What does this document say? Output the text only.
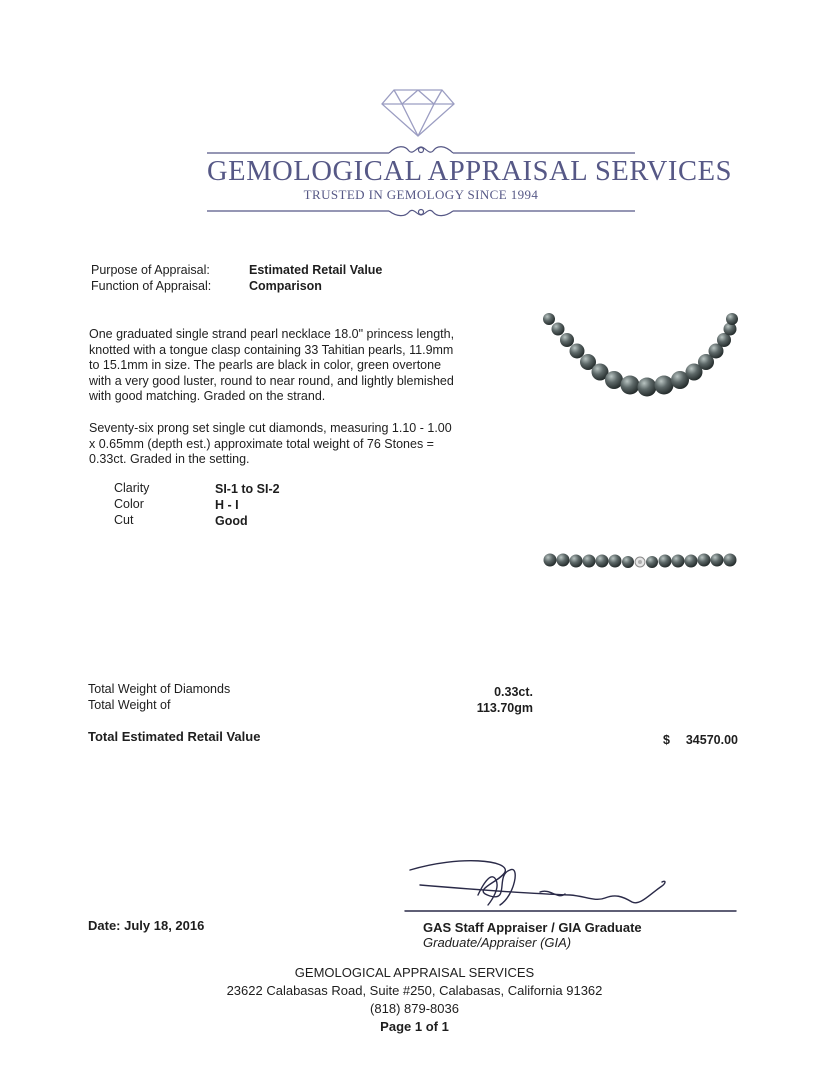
GEMOLOGICAL APPRAISAL SERVICES
TRUSTED IN GEMOLOGY SINCE 1994
Purpose of Appraisal:	Estimated Retail Value
Function of Appraisal:	Comparison
One graduated single strand pearl necklace 18.0" princess length,
knotted with a tongue clasp containing 33 Tahitian pearls, 11.9mm
to 15.1mm in size. The pearls are black in color, green overtone
with a very good luster, round to near round, and lightly blemished
with good matching. Graded on the strand.
Seventy-six prong set single cut diamonds, measuring 1.10 - 1.00
x 0.65mm (depth est.) approximate total weight of 76 Stones =
0.33ct. Graded in the setting.
Clarity	SI-1 to SI-2
Color	H - I
Cut	Good
Total Weight of Diamonds	0.33ct.
Total Weight of	113.70gm
Total Estimated Retail Value	$	34570.00
Date: July 18, 2016	GAS Staff Appraiser / GIA Graduate
Graduate/Appraiser (GIA)
GEMOLOGICAL APPRAISAL SERVICES
23622 Calabasas Road, Suite #250, Calabasas, California 91362
(818) 879-8036
Page 1 of 1
